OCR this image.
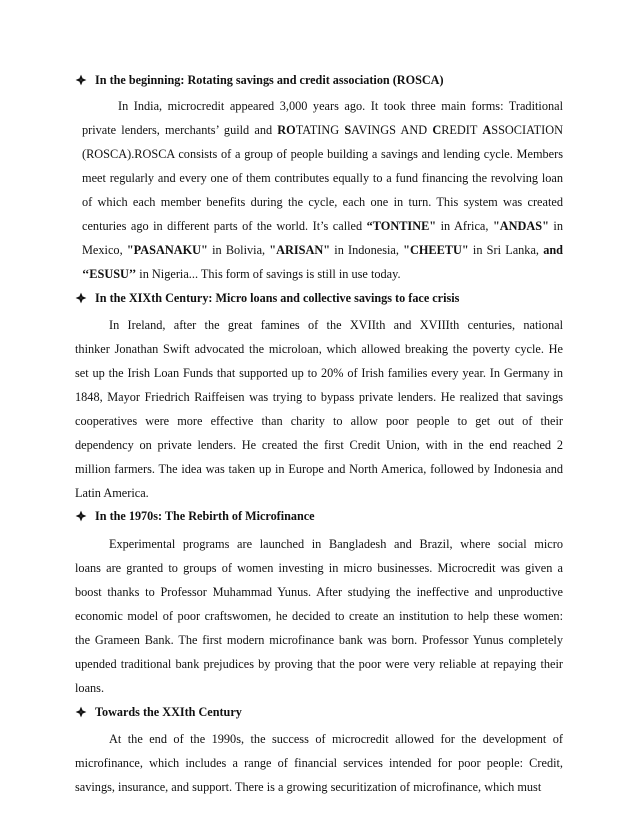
In the beginning: Rotating savings and credit association (ROSCA)
In India, microcredit appeared 3,000 years ago. It took three main forms: Traditional
private lenders, merchants’ guild and ROTATING SAVINGS AND CREDIT ASSOCIATION
(ROSCA).ROSCA consists of a group of people building a savings and lending cycle. Members
meet regularly and every one of them contributes equally to a fund financing the revolving loan
of which each member benefits during the cycle, each one in turn. This system was created
centuries ago in different parts of the world. It’s called “TONTINE" in Africa, "ANDAS" in
Mexico, "PASANAKU" in Bolivia, "ARISAN" in Indonesia, "CHEETU" in Sri Lanka, and
‘‘ESUSU’’ in Nigeria... This form of savings is still in use today.
In the XIXth Century: Micro loans and collective savings to face crisis
In Ireland, after the great famines of the XVIIth and XVIIIth centuries, national
thinker Jonathan Swift advocated the microloan, which allowed breaking the poverty cycle. He
set up the Irish Loan Funds that supported up to 20% of Irish families every year. In Germany in
1848, Mayor Friedrich Raiffeisen was trying to bypass private lenders. He realized that savings
cooperatives were more effective than charity to allow poor people to get out of their
dependency on private lenders. He created the first Credit Union, with in the end reached 2
million farmers. The idea was taken up in Europe and North America, followed by Indonesia and
Latin America.
In the 1970s: The Rebirth of Microfinance
Experimental programs are launched in Bangladesh and Brazil, where social micro
loans are granted to groups of women investing in micro businesses. Microcredit was given a
boost thanks to Professor Muhammad Yunus. After studying the ineffective and unproductive
economic model of poor craftswomen, he decided to create an institution to help these women:
the Grameen Bank. The first modern microfinance bank was born. Professor Yunus completely
upended traditional bank prejudices by proving that the poor were very reliable at repaying their
loans.
Towards the XXIth Century
At the end of the 1990s, the success of microcredit allowed for the development of
microfinance, which includes a range of financial services intended for poor people: Credit,
savings, insurance, and support. There is a growing securitization of microfinance, which must
